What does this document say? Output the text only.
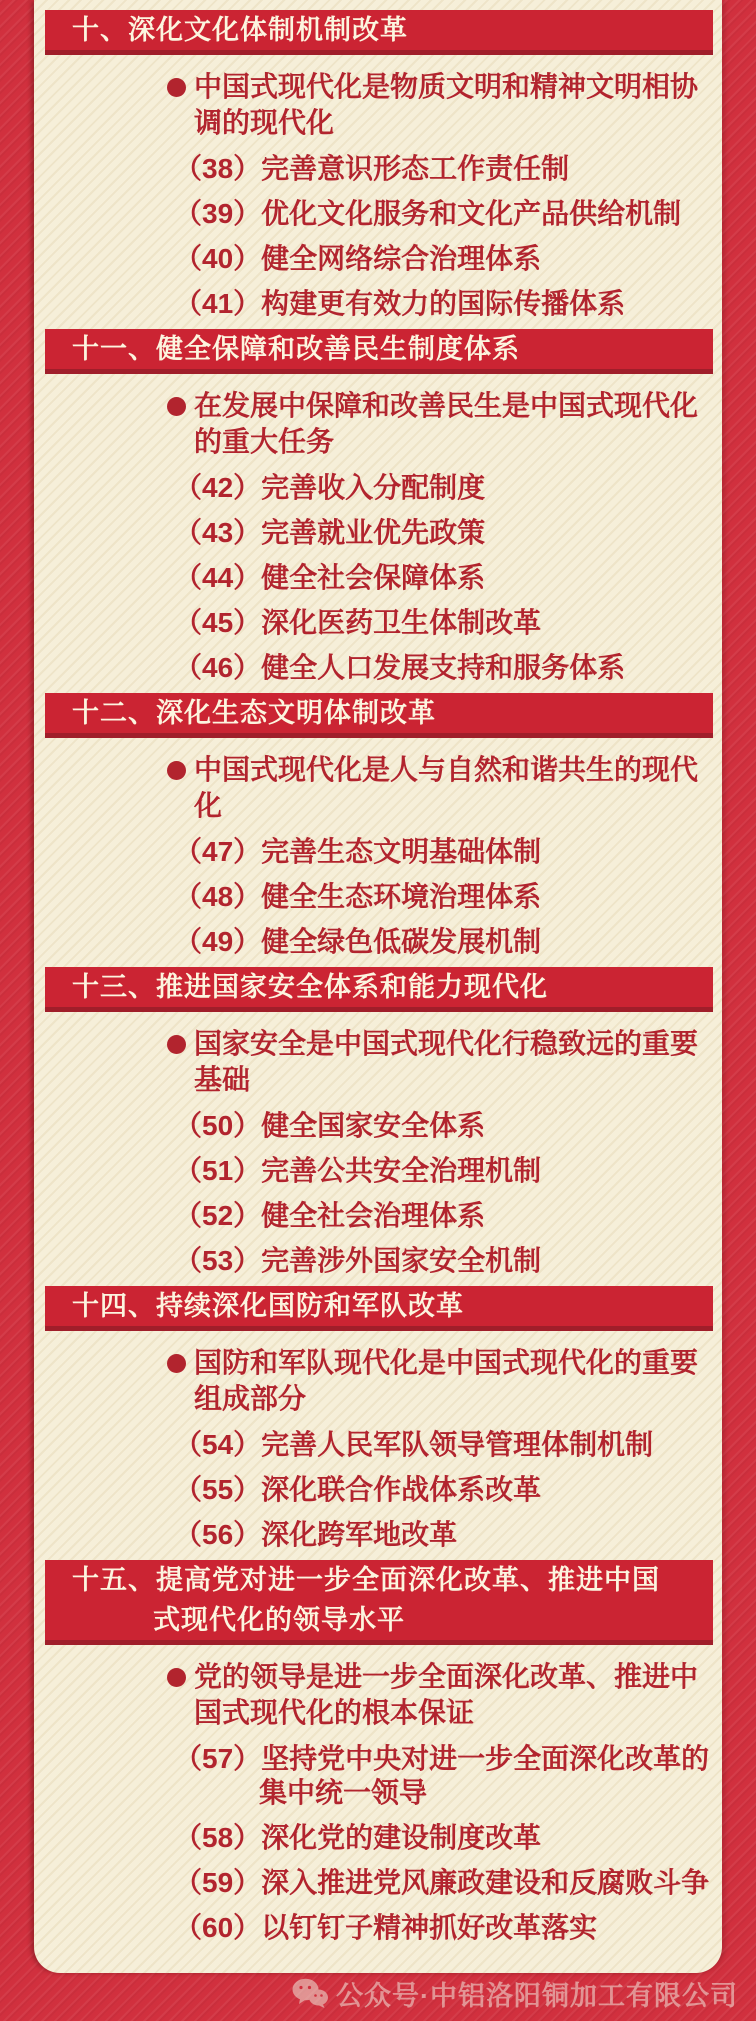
十、深化文化体制机制改革
中国式现代化是物质文明和精神文明相协
调的现代化
（38）完善意识形态工作责任制
（39）优化文化服务和文化产品供给机制
（40）健全网络综合治理体系
（41）构建更有效力的国际传播体系
十一、健全保障和改善民生制度体系
在发展中保障和改善民生是中国式现代化
的重大任务
（42）完善收入分配制度
（43）完善就业优先政策
（44）健全社会保障体系
（45）深化医药卫生体制改革
（46）健全人口发展支持和服务体系
十二、深化生态文明体制改革
中国式现代化是人与自然和谐共生的现代
化
（47）完善生态文明基础体制
（48）健全生态环境治理体系
（49）健全绿色低碳发展机制
十三、推进国家安全体系和能力现代化
国家安全是中国式现代化行稳致远的重要
基础
（50）健全国家安全体系
（51）完善公共安全治理机制
（52）健全社会治理体系
（53）完善涉外国家安全机制
十四、持续深化国防和军队改革
国防和军队现代化是中国式现代化的重要
组成部分
（54）完善人民军队领导管理体制机制
（55）深化联合作战体系改革
（56）深化跨军地改革
十五、提高党对进一步全面深化改革、推进中国
式现代化的领导水平
党的领导是进一步全面深化改革、推进中
国式现代化的根本保证
（57）坚持党中央对进一步全面深化改革的
集中统一领导
（58）深化党的建设制度改革
（59）深入推进党风廉政建设和反腐败斗争
（60）以钉钉子精神抓好改革落实
公众号·中铝洛阳铜加工有限公司
